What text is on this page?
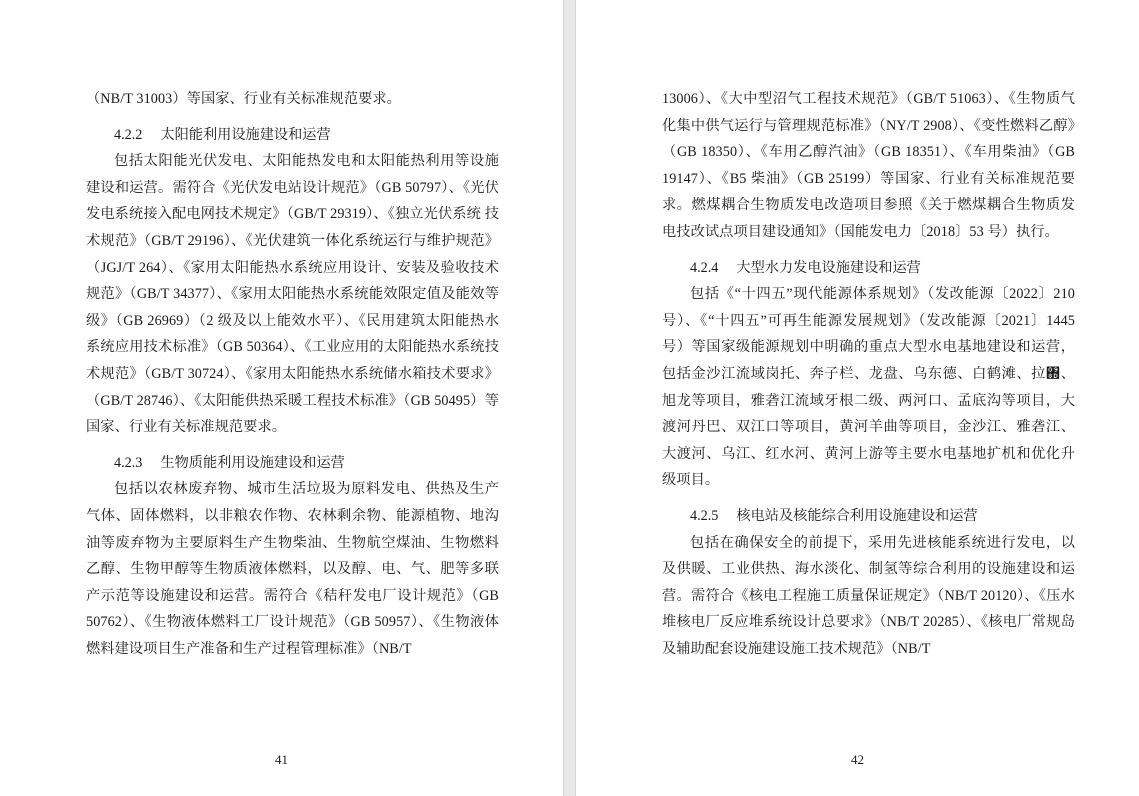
（NB/T 31003）等国家、行业有关标准规范要求。

4.2.2 太阳能利用设施建设和运营

包括太阳能光伏发电、太阳能热发电和太阳能热利用等设施建设和运营。需符合《光伏发电站设计规范》（GB 50797）、《光伏发电系统接入配电网技术规定》（GB/T 29319）、《独立光伏系统 技术规范》（GB/T 29196）、《光伏建筑一体化系统运行与维护规范》（JGJ/T 264）、《家用太阳能热水系统应用设计、安装及验收技术规范》（GB/T 34377）、《家用太阳能热水系统能效限定值及能效等级》（GB 26969）（2 级及以上能效水平）、《民用建筑太阳能热水系统应用技术标准》（GB 50364）、《工业应用的太阳能热水系统技术规范》（GB/T 30724）、《家用太阳能热水系统储水箱技术要求》（GB/T 28746）、《太阳能供热采暖工程技术标准》（GB 50495）等国家、行业有关标准规范要求。

4.2.3 生物质能利用设施建设和运营

包括以农林废弃物、城市生活垃圾为原料发电、供热及生产气体、固体燃料，以非粮农作物、农林剩余物、能源植物、地沟油等废弃物为主要原料生产生物柴油、生物航空煤油、生物燃料乙醇、生物甲醇等生物质液体燃料，以及醇、电、气、肥等多联产示范等设施建设和运营。需符合《秸秆发电厂设计规范》（GB 50762）、《生物液体燃料工厂设计规范》（GB 50957）、《生物液体燃料建设项目生产准备和生产过程管理标准》（NB/T

41

13006）、《大中型沼气工程技术规范》（GB/T 51063）、《生物质气化集中供气运行与管理规范标准》（NY/T 2908）、《变性燃料乙醇》（GB 18350）、《车用乙醇汽油》（GB 18351）、《车用柴油》（GB 19147）、《B5 柴油》（GB 25199）等国家、行业有关标准规范要求。燃煤耦合生物质发电改造项目参照《关于燃煤耦合生物质发电技改试点项目建设通知》（国能发电力〔2018〕53 号）执行。

4.2.4 大型水力发电设施建设和运营

包括《“十四五”现代能源体系规划》（发改能源〔2022〕210 号）、《“十四五”可再生能源发展规划》（发改能源〔2021〕1445 号）等国家级能源规划中明确的重点大型水电基地建设和运营，包括金沙江流域岗托、奔子栏、龙盘、乌东德、白鹤滩、拉঍、旭龙等项目，雅砻江流域牙根二级、两河口、孟底沟等项目，大渡河丹巴、双江口等项目，黄河羊曲等项目，金沙江、雅砻江、大渡河、乌江、红水河、黄河上游等主要水电基地扩机和优化升级项目。

4.2.5 核电站及核能综合利用设施建设和运营

包括在确保安全的前提下，采用先进核能系统进行发电，以及供暖、工业供热、海水淡化、制氢等综合利用的设施建设和运营。需符合《核电工程施工质量保证规定》（NB/T 20120）、《压水堆核电厂反应堆系统设计总要求》（NB/T 20285）、《核电厂常规岛及辅助配套设施建设施工技术规范》（NB/T

42
